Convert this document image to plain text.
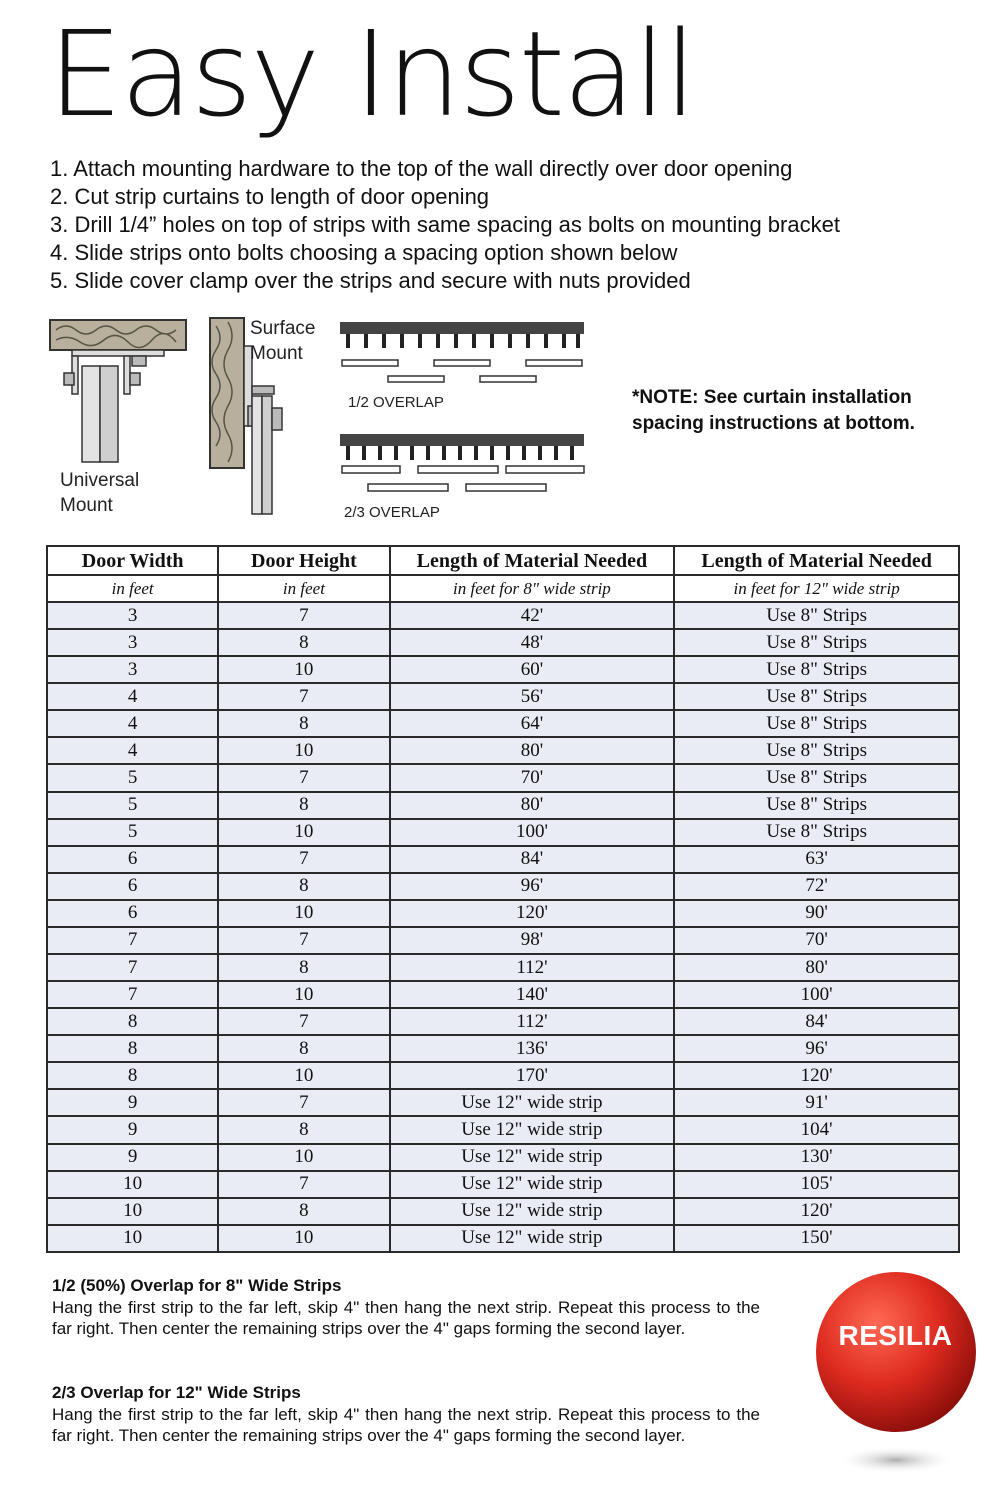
Easy Install
1. Attach mounting hardware to the top of the wall directly over door opening
2. Cut strip curtains to length of door opening
3. Drill 1/4” holes on top of strips with same spacing as bolts on mounting bracket
4. Slide strips onto bolts choosing a spacing option shown below
5. Slide cover clamp over the strips and secure with nuts provided
Universal
Mount
Surface
Mount
1/2 OVERLAP
2/3 OVERLAP

*NOTE: See curtain installation
spacing instructions at bottom.

Door Width	Door Height	Length of Material Needed	Length of Material Needed
in feet	in feet	in feet for 8" wide strip	in feet for 12" wide strip
3	7	42'	Use 8" Strips
3	8	48'	Use 8" Strips
3	10	60'	Use 8" Strips
4	7	56'	Use 8" Strips
4	8	64'	Use 8" Strips
4	10	80'	Use 8" Strips
5	7	70'	Use 8" Strips
5	8	80'	Use 8" Strips
5	10	100'	Use 8" Strips
6	7	84'	63'
6	8	96'	72'
6	10	120'	90'
7	7	98'	70'
7	8	112'	80'
7	10	140'	100'
8	7	112'	84'
8	8	136'	96'
8	10	170'	120'
9	7	Use 12" wide strip	91'
9	8	Use 12" wide strip	104'
9	10	Use 12" wide strip	130'
10	7	Use 12" wide strip	105'
10	8	Use 12" wide strip	120'
10	10	Use 12" wide strip	150'
1/2 (50%) Overlap for 8" Wide Strips

Hang the first strip to the far left, skip 4" then hang the next strip. Repeat this process to the far right. Then center the remaining strips over the 4" gaps forming the second layer.

2/3 Overlap for 12" Wide Strips

Hang the first strip to the far left, skip 4" then hang the next strip. Repeat this process to the far right. Then center the remaining strips over the 4" gaps forming the second layer.

RESILIA
